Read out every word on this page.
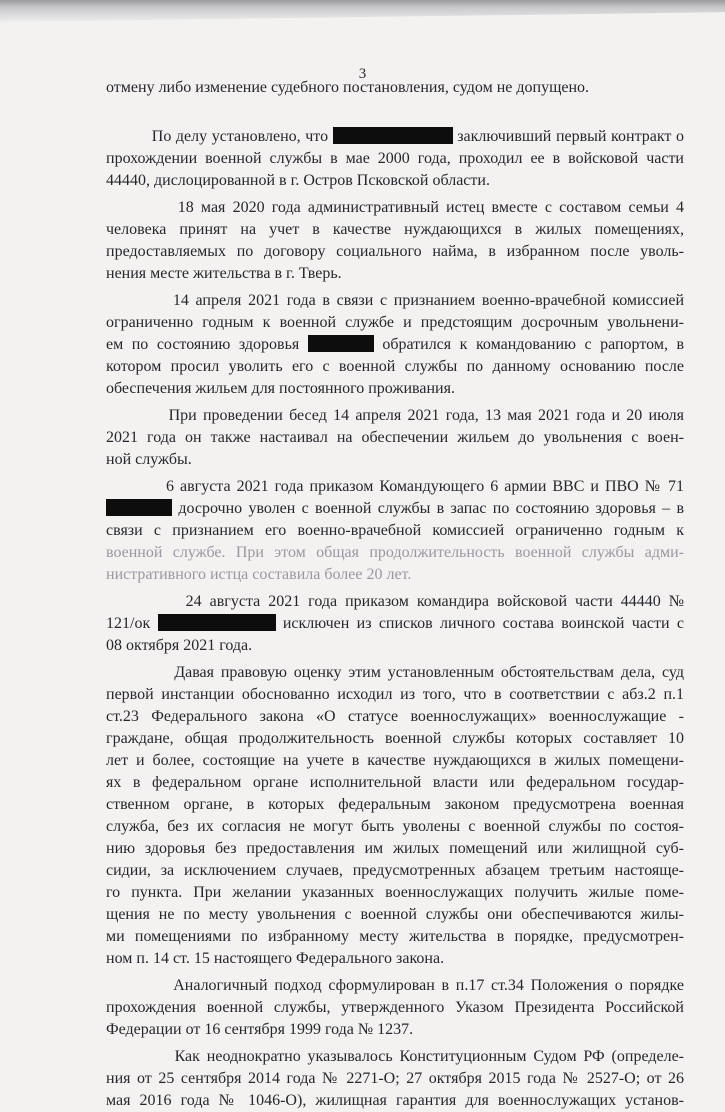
3
отмену либо изменение судебного постановления, судом не допущено.
По делу установлено, что	заключивший первый контракт о
прохождении военной службы в мае 2000 года, проходил ее в войсковой части
44440, дислоцированной в г. Остров Псковской области.
18 мая 2020 года административный истец вместе с составом семьи 4
человека принят на учет в качестве нуждающихся в жилых помещениях,
предоставляемых по договору социального найма, в избранном после уволь-
нения месте жительства в г. Тверь.
14 апреля 2021 года в связи с признанием военно-врачебной комиссией
ограниченно годным к военной службе и предстоящим досрочным увольнени-
ем по состоянию здоровья	обратился к командованию с рапортом, в
котором просил уволить его с военной службы по данному основанию после
обеспечения жильем для постоянного проживания.
При проведении бесед 14 апреля 2021 года, 13 мая 2021 года и 20 июля
2021 года он также настаивал на обеспечении жильем до увольнения с воен-
ной службы.
6 августа 2021 года приказом Командующего 6 армии ВВС и ПВО № 71
досрочно уволен с военной службы в запас по состоянию здоровья – в
связи с признанием его военно-врачебной комиссией ограниченно годным к
военной службе. При этом общая продолжительность военной службы адми-
нистративного истца составила более 20 лет.
24 августа 2021 года приказом командира войсковой части 44440 №
121/ок	исключен из списков личного состава воинской части с
08 октября 2021 года.
Давая правовую оценку этим установленным обстоятельствам дела, суд
первой инстанции обоснованно исходил из того, что в соответствии с абз.2 п.1
ст.23 Федерального закона «О статусе военнослужащих» военнослужащие -
граждане, общая продолжительность военной службы которых составляет 10
лет и более, состоящие на учете в качестве нуждающихся в жилых помещени-
ях в федеральном органе исполнительной власти или федеральном государ-
ственном органе, в которых федеральным законом предусмотрена военная
служба, без их согласия не могут быть уволены с военной службы по состоя-
нию здоровья без предоставления им жилых помещений или жилищной суб-
сидии, за исключением случаев, предусмотренных абзацем третьим настояще-
го пункта. При желании указанных военнослужащих получить жилые поме-
щения не по месту увольнения с военной службы они обеспечиваются жилы-
ми помещениями по избранному месту жительства в порядке, предусмотрен-
ном п. 14 ст. 15 настоящего Федерального закона.
Аналогичный подход сформулирован в п.17 ст.34 Положения о порядке
прохождения военной службы, утвержденного Указом Президента Российской
Федерации от 16 сентября 1999 года № 1237.
Как неоднократно указывалось Конституционным Судом РФ (определе-
ния от 25 сентября 2014 года № 2271-О; 27 октября 2015 года № 2527-О; от 26
мая 2016 года № 1046-О), жилищная гарантия для военнослужащих установ-
